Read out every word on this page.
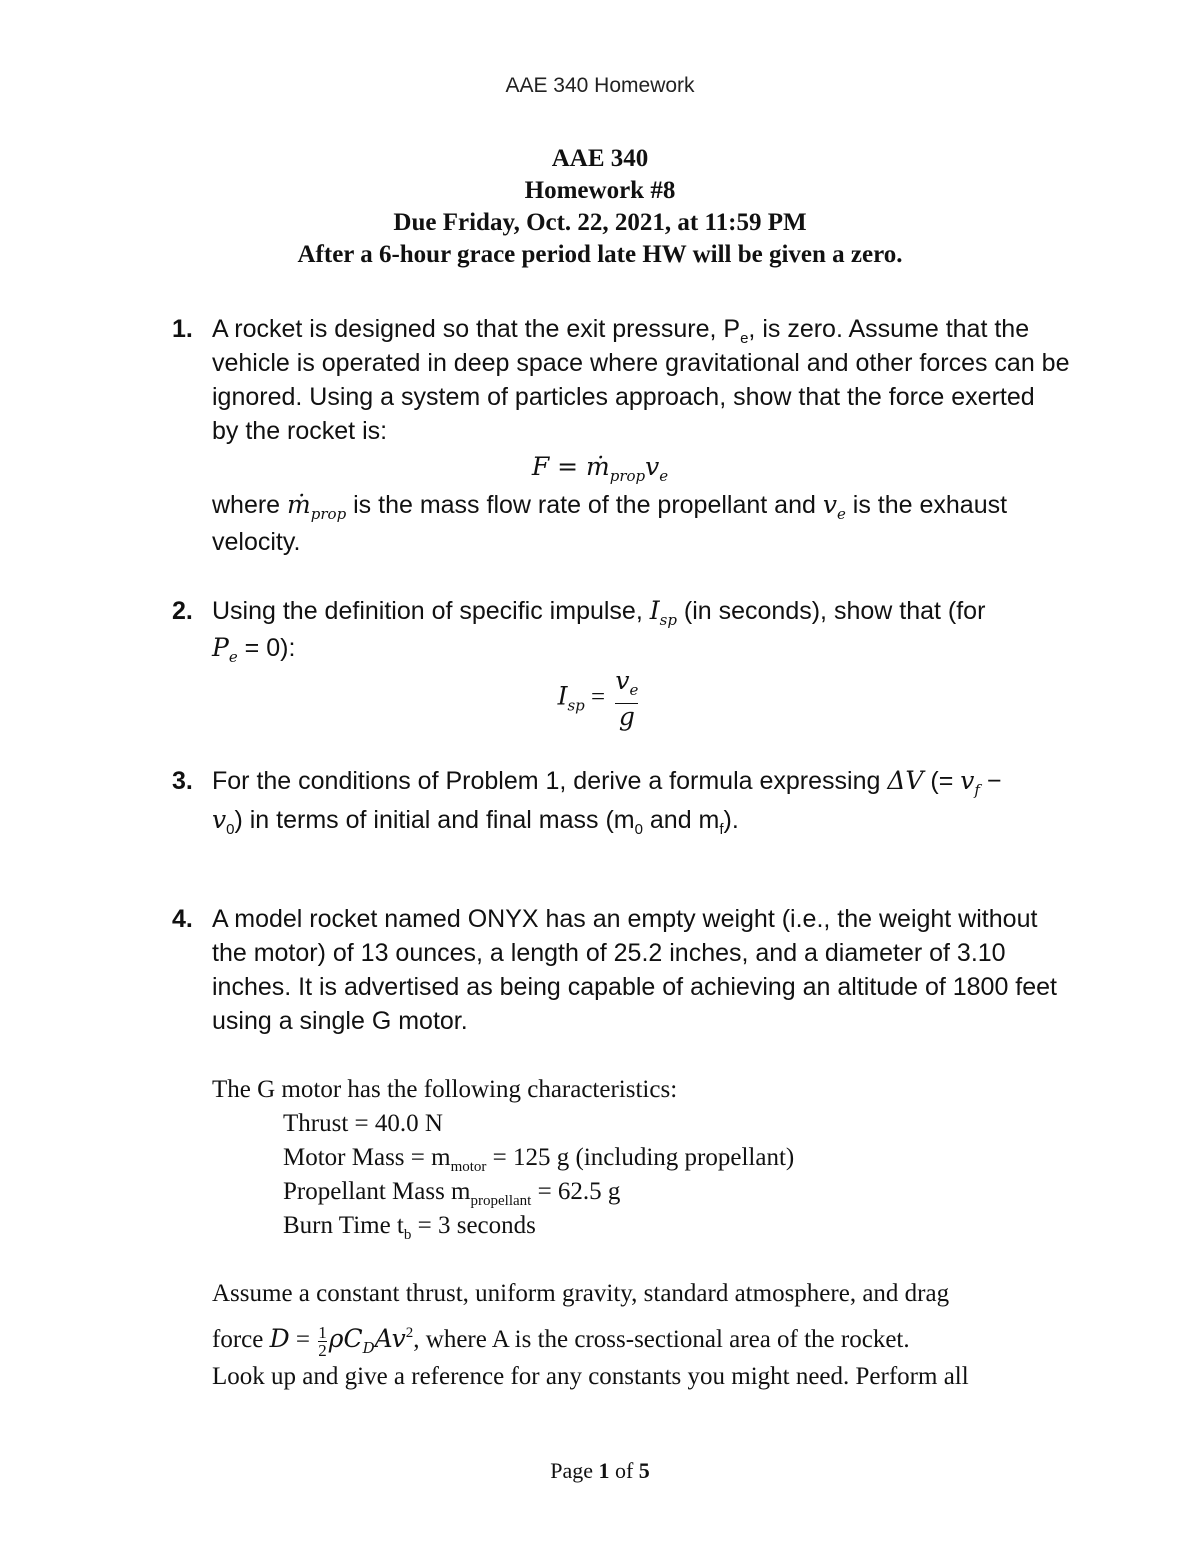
AAE 340 Homework
AAE 340
Homework #8
Due Friday, Oct. 22, 2021, at 11:59 PM
After a 6-hour grace period late HW will be given a zero.
1. A rocket is designed so that the exit pressure, $P_e$, is zero. Assume that the
vehicle is operated in deep space where gravitational and other forces can be
ignored. Using a system of particles approach, show that the force exerted
by the rocket is:
$F = ṁ_{prop}v_e$
where ṁ$_{prop}$ is the mass flow rate of the propellant and $v_e$ is the exhaust
velocity.
2. Using the definition of specific impulse, $I_{sp}$ (in seconds), show that (for
$P_e = 0$):
$I_{sp} = \frac{v_e}{g}$
3. For the conditions of Problem 1, derive a formula expressing ΔV (= $v_f$ −
$v_0$) in terms of initial and final mass ($m_0$ and $m_f$).
4. A model rocket named ONYX has an empty weight (i.e., the weight without
the motor) of 13 ounces, a length of 25.2 inches, and a diameter of 3.10
inches. It is advertised as being capable of achieving an altitude of 1800 feet
using a single G motor.
The G motor has the following characteristics:
Thrust = 40.0 N
Motor Mass = $m_{motor} = 125$ g (including propellant)
Propellant Mass $m_{propellant} = 62.5$ g
Burn Time $t_b = 3$ seconds
Assume a constant thrust, uniform gravity, standard atmosphere, and drag
force $D = \frac{1}{2} \rho C_DAv^2$, where A is the cross-sectional area of the rocket.
Look up and give a reference for any constants you might need. Perform all
Page 1 of 5
